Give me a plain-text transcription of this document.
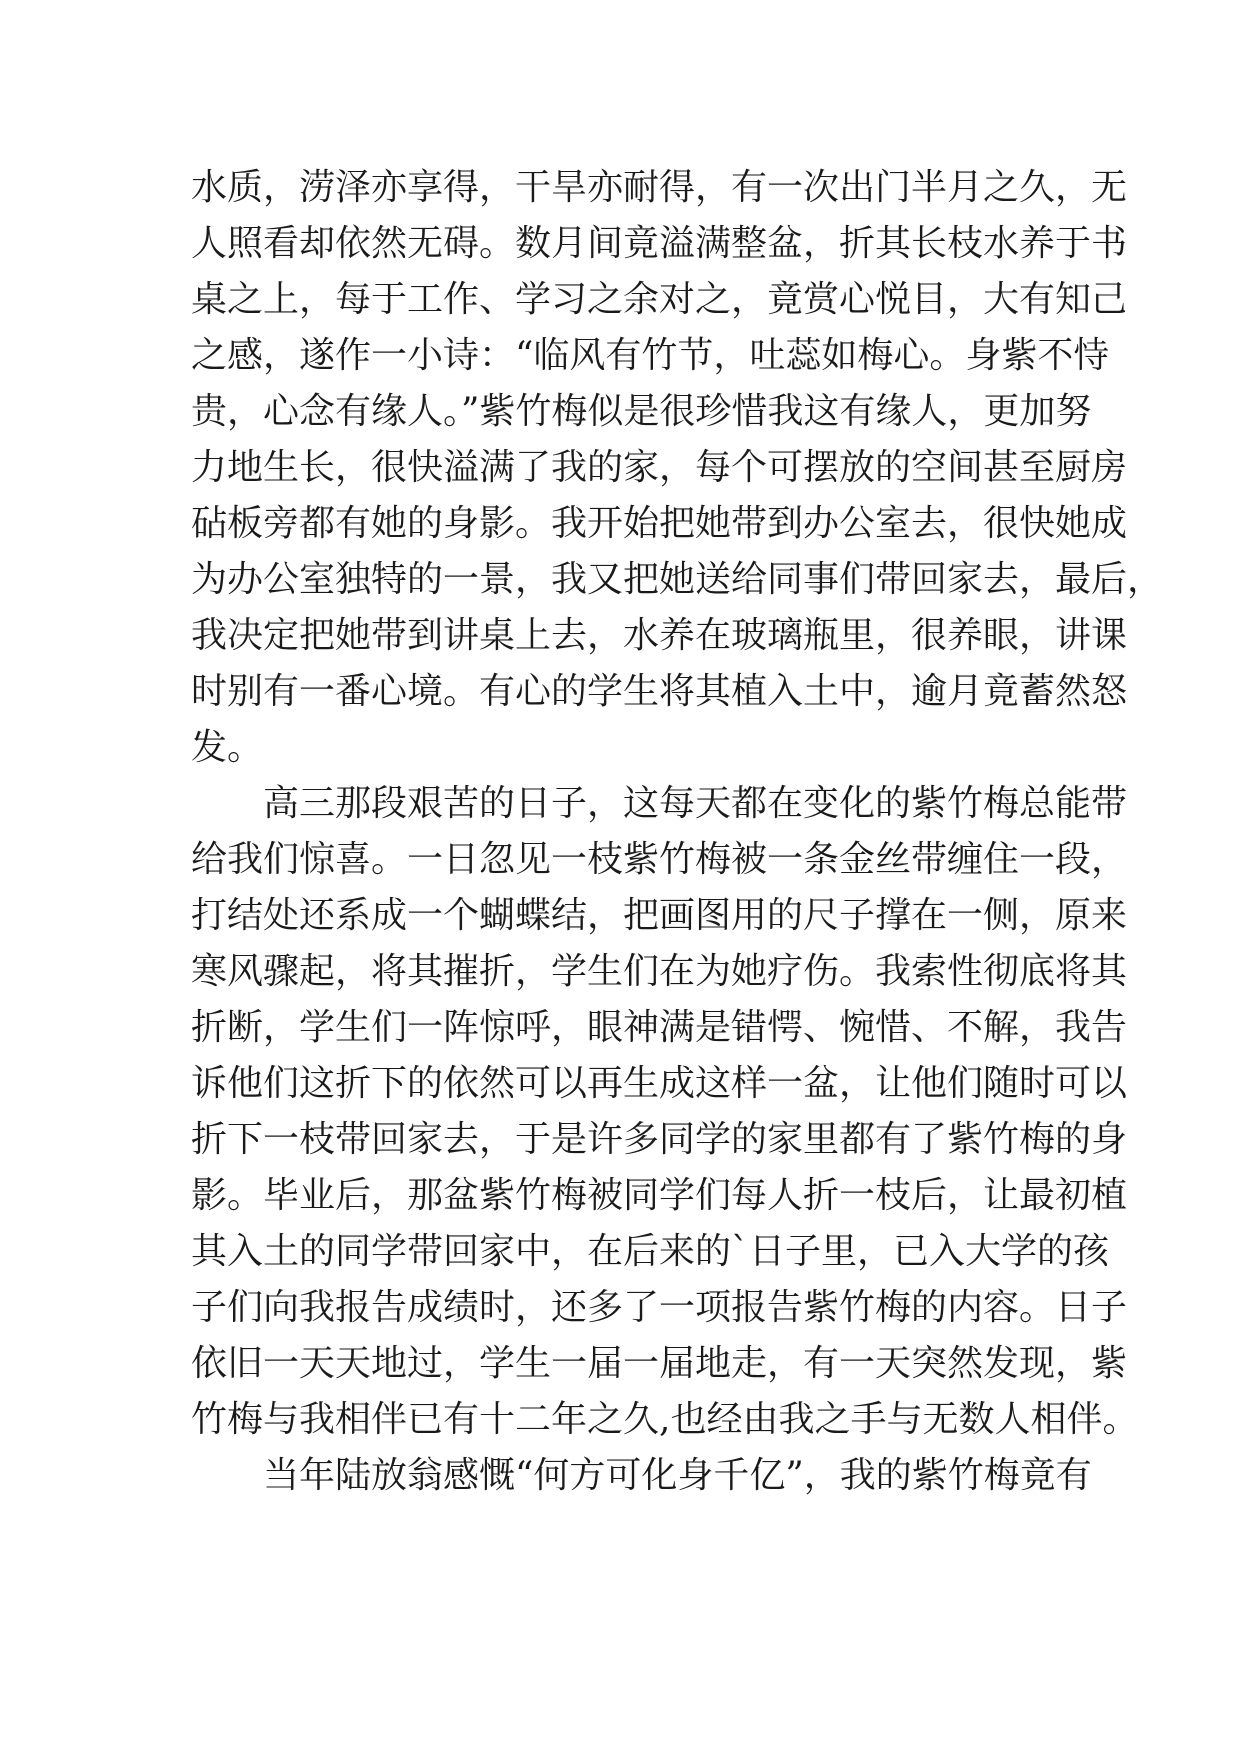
水质，涝泽亦享得，干旱亦耐得，有一次出门半月之久，无
人照看却依然无碍。数月间竟溢满整盆，折其长枝水养于书
桌之上，每于工作、学习之余对之，竟赏心悦目，大有知己
之感，遂作一小诗：“临风有竹节，吐蕊如梅心。身紫不恃
贵，心念有缘人。”紫竹梅似是很珍惜我这有缘人，更加努
力地生长，很快溢满了我的家，每个可摆放的空间甚至厨房
砧板旁都有她的身影。我开始把她带到办公室去，很快她成
为办公室独特的一景，我又把她送给同事们带回家去，最后，
我决定把她带到讲桌上去，水养在玻璃瓶里，很养眼，讲课
时别有一番心境。有心的学生将其植入土中，逾月竟蓄然怒
发。
高三那段艰苦的日子，这每天都在变化的紫竹梅总能带
给我们惊喜。一日忽见一枝紫竹梅被一条金丝带缠住一段，
打结处还系成一个蝴蝶结，把画图用的尺子撑在一侧，原来
寒风骤起，将其摧折，学生们在为她疗伤。我索性彻底将其
折断，学生们一阵惊呼，眼神满是错愕、惋惜、不解，我告
诉他们这折下的依然可以再生成这样一盆，让他们随时可以
折下一枝带回家去，于是许多同学的家里都有了紫竹梅的身
影。毕业后，那盆紫竹梅被同学们每人折一枝后，让最初植
其入土的同学带回家中，在后来的`日子里，已入大学的孩
子们向我报告成绩时，还多了一项报告紫竹梅的内容。日子
依旧一天天地过，学生一届一届地走，有一天突然发现，紫
竹梅与我相伴已有十二年之久,也经由我之手与无数人相伴。
当年陆放翁感慨“何方可化身千亿”，我的紫竹梅竟有
